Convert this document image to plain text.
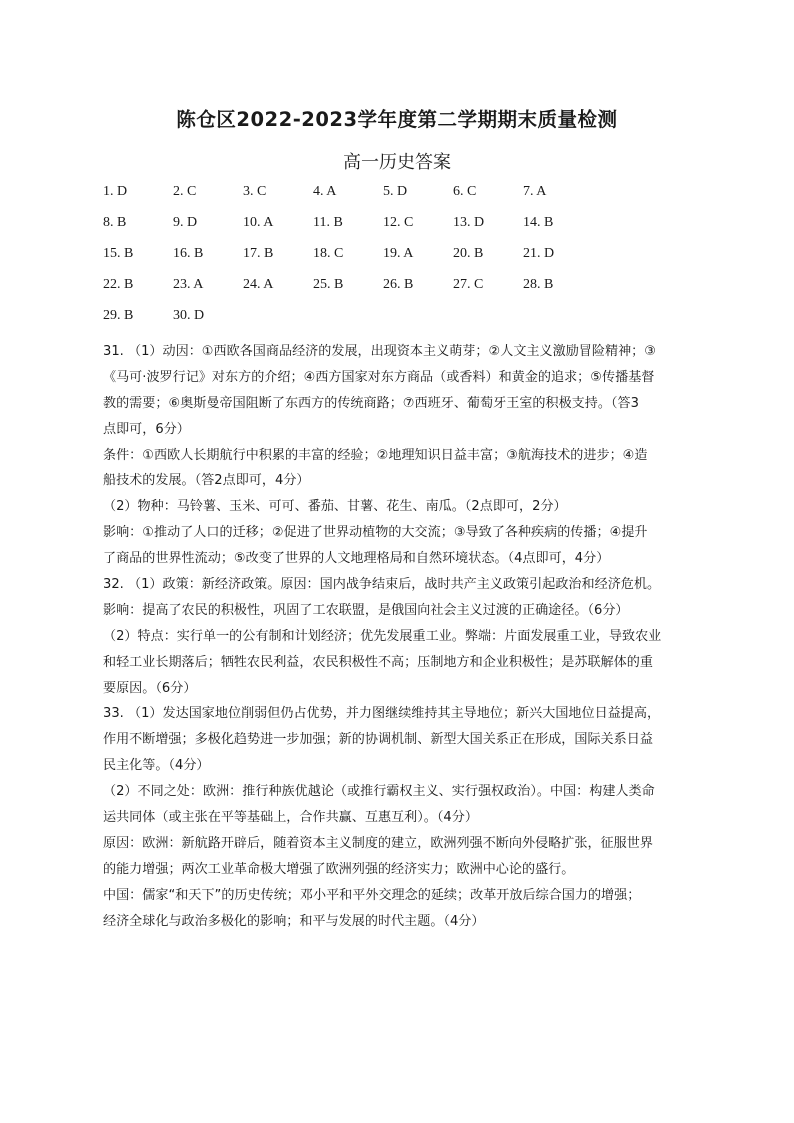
陈仓区2022-2023学年度第二学期期末质量检测
高一历史答案
1. D	2. C	3. C	4. A	5. D	6. C	7. A
8. B	9. D	10. A	11. B	12. C	13. D	14. B
15. B	16. B	17. B	18. C	19. A	20. B	21. D
22. B	23. A	24. A	25. B	26. B	27. C	28. B
29. B	30. D
31. （1）动因：①西欧各国商品经济的发展，出现资本主义萌芽；②人文主义激励冒险精神；③
《马可·波罗行记》对东方的介绍；④西方国家对东方商品（或香料）和黄金的追求；⑤传播基督
教的需要；⑥奥斯曼帝国阻断了东西方的传统商路；⑦西班牙、葡萄牙王室的积极支持。（答3
点即可，6分）
条件：①西欧人长期航行中积累的丰富的经验；②地理知识日益丰富；③航海技术的进步；④造
船技术的发展。（答2点即可，4分）
（2）物种：马铃薯、玉米、可可、番茄、甘薯、花生、南瓜。（2点即可，2分）
影响：①推动了人口的迁移；②促进了世界动植物的大交流；③导致了各种疾病的传播；④提升
了商品的世界性流动；⑤改变了世界的人文地理格局和自然环境状态。（4点即可，4分）
32. （1）政策：新经济政策。原因：国内战争结束后，战时共产主义政策引起政治和经济危机。
影响：提高了农民的积极性，巩固了工农联盟，是俄国向社会主义过渡的正确途径。（6分）
（2）特点：实行单一的公有制和计划经济；优先发展重工业。弊端：片面发展重工业，导致农业
和轻工业长期落后；牺牲农民利益，农民积极性不高；压制地方和企业积极性；是苏联解体的重
要原因。（6分）
33. （1）发达国家地位削弱但仍占优势，并力图继续维持其主导地位；新兴大国地位日益提高，
作用不断增强；多极化趋势进一步加强；新的协调机制、新型大国关系正在形成，国际关系日益
民主化等。（4分）
（2）不同之处：欧洲：推行种族优越论（或推行霸权主义、实行强权政治）。中国：构建人类命
运共同体（或主张在平等基础上，合作共赢、互惠互利）。（4分）
原因：欧洲：新航路开辟后，随着资本主义制度的建立，欧洲列强不断向外侵略扩张，征服世界
的能力增强；两次工业革命极大增强了欧洲列强的经济实力；欧洲中心论的盛行。
中国：儒家“和天下”的历史传统；邓小平和平外交理念的延续；改革开放后综合国力的增强；
经济全球化与政治多极化的影响；和平与发展的时代主题。（4分）
